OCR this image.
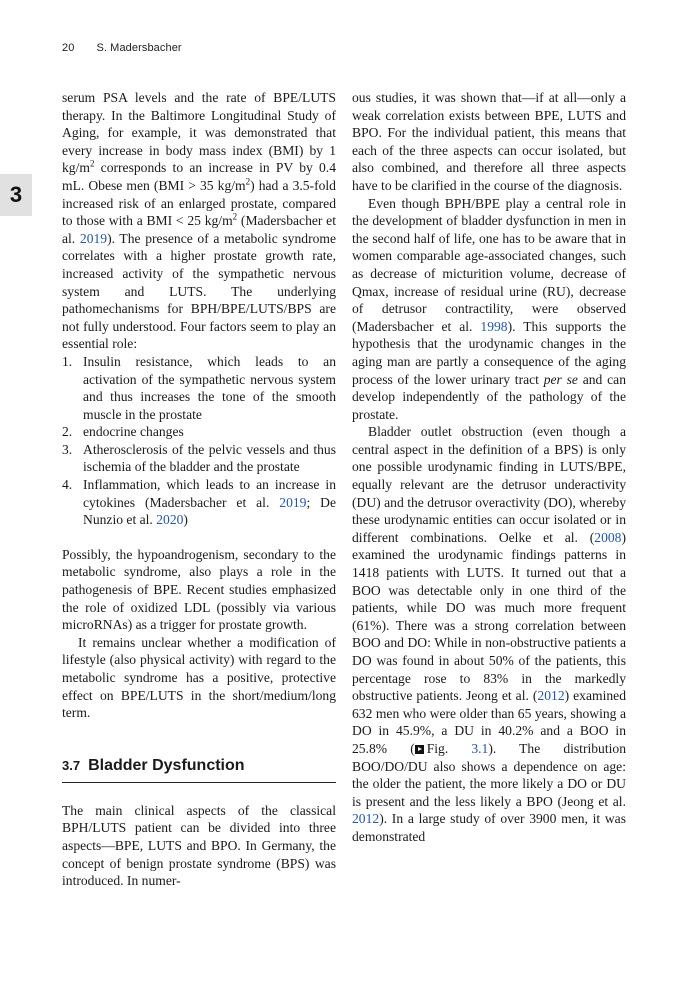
20 S. Madersbacher
3

serum PSA levels and the rate of BPE/LUTS therapy. In the Baltimore Longitudinal Study of Aging, for example, it was demonstrated that every increase in body mass index (BMI) by 1 $kg/m^2$ corresponds to an increase in PV by 0.4 mL. Obese men (BMI > 35 $kg/m^2$) had a 3.5-fold increased risk of an enlarged prostate, compared to those with a BMI < 25 $kg/m^2$ (Madersbacher et al. 2019). The presence of a metabolic syndrome correlates with a higher prostate growth rate, increased activity of the sympathetic nervous system and LUTS. The underlying pathomechanisms for BPH/BPE/LUTS/BPS are not fully understood. Four factors seem to play an essential role:

1. Insulin resistance, which leads to an activation of the sympathetic nervous system and thus increases the tone of the smooth muscle in the prostate
2. endocrine changes
3. Atherosclerosis of the pelvic vessels and thus ischemia of the bladder and the prostate
4. Inflammation, which leads to an increase in cytokines (Madersbacher et al. 2019; De Nunzio et al. 2020)

Possibly, the hypoandrogenism, secondary to the metabolic syndrome, also plays a role in the pathogenesis of BPE. Recent studies emphasized the role of oxidized LDL (possibly via various microRNAs) as a trigger for prostate growth.

It remains unclear whether a modification of lifestyle (also physical activity) with regard to the metabolic syndrome has a positive, protective effect on BPE/LUTS in the short/medium/long term.

3.7 Bladder Dysfunction

The main clinical aspects of the classical BPH/LUTS patient can be divided into three aspects—BPE, LUTS and BPO. In Germany, the concept of benign prostate syndrome (BPS) was introduced. In numer-

ous studies, it was shown that—if at all—only a weak correlation exists between BPE, LUTS and BPO. For the individual patient, this means that each of the three aspects can occur isolated, but also combined, and therefore all three aspects have to be clarified in the course of the diagnosis.

Even though BPH/BPE play a central role in the development of bladder dysfunction in men in the second half of life, one has to be aware that in women comparable age-associated changes, such as decrease of micturition volume, decrease of Qmax, increase of residual urine (RU), decrease of detrusor contractility, were observed (Madersbacher et al. 1998). This supports the hypothesis that the urodynamic changes in the aging man are partly a consequence of the aging process of the lower urinary tract per se and can develop independently of the pathology of the prostate.

Bladder outlet obstruction (even though a central aspect in the definition of a BPS) is only one possible urodynamic finding in LUTS/BPE, equally relevant are the detrusor underactivity (DU) and the detrusor overactivity (DO), whereby these urodynamic entities can occur isolated or in different combinations. Oelke et al. (2008) examined the urodynamic findings patterns in 1418 patients with LUTS. It turned out that a BOO was detectable only in one third of the patients, while DO was much more frequent (61%). There was a strong correlation between BOO and DO: While in non-obstructive patients a DO was found in about 50% of the patients, this percentage rose to 83% in the markedly obstructive patients. Jeong et al. (2012) examined 632 men who were older than 65 years, showing a DO in 45.9%, a DU in 40.2% and a BOO in 25.8% ( Fig. 3.1). The distribution BOO/DO/DU also shows a dependence on age: the older the patient, the more likely a DO or DU is present and the less likely a BPO (Jeong et al. 2012). In a large study of over 3900 men, it was demonstrated
